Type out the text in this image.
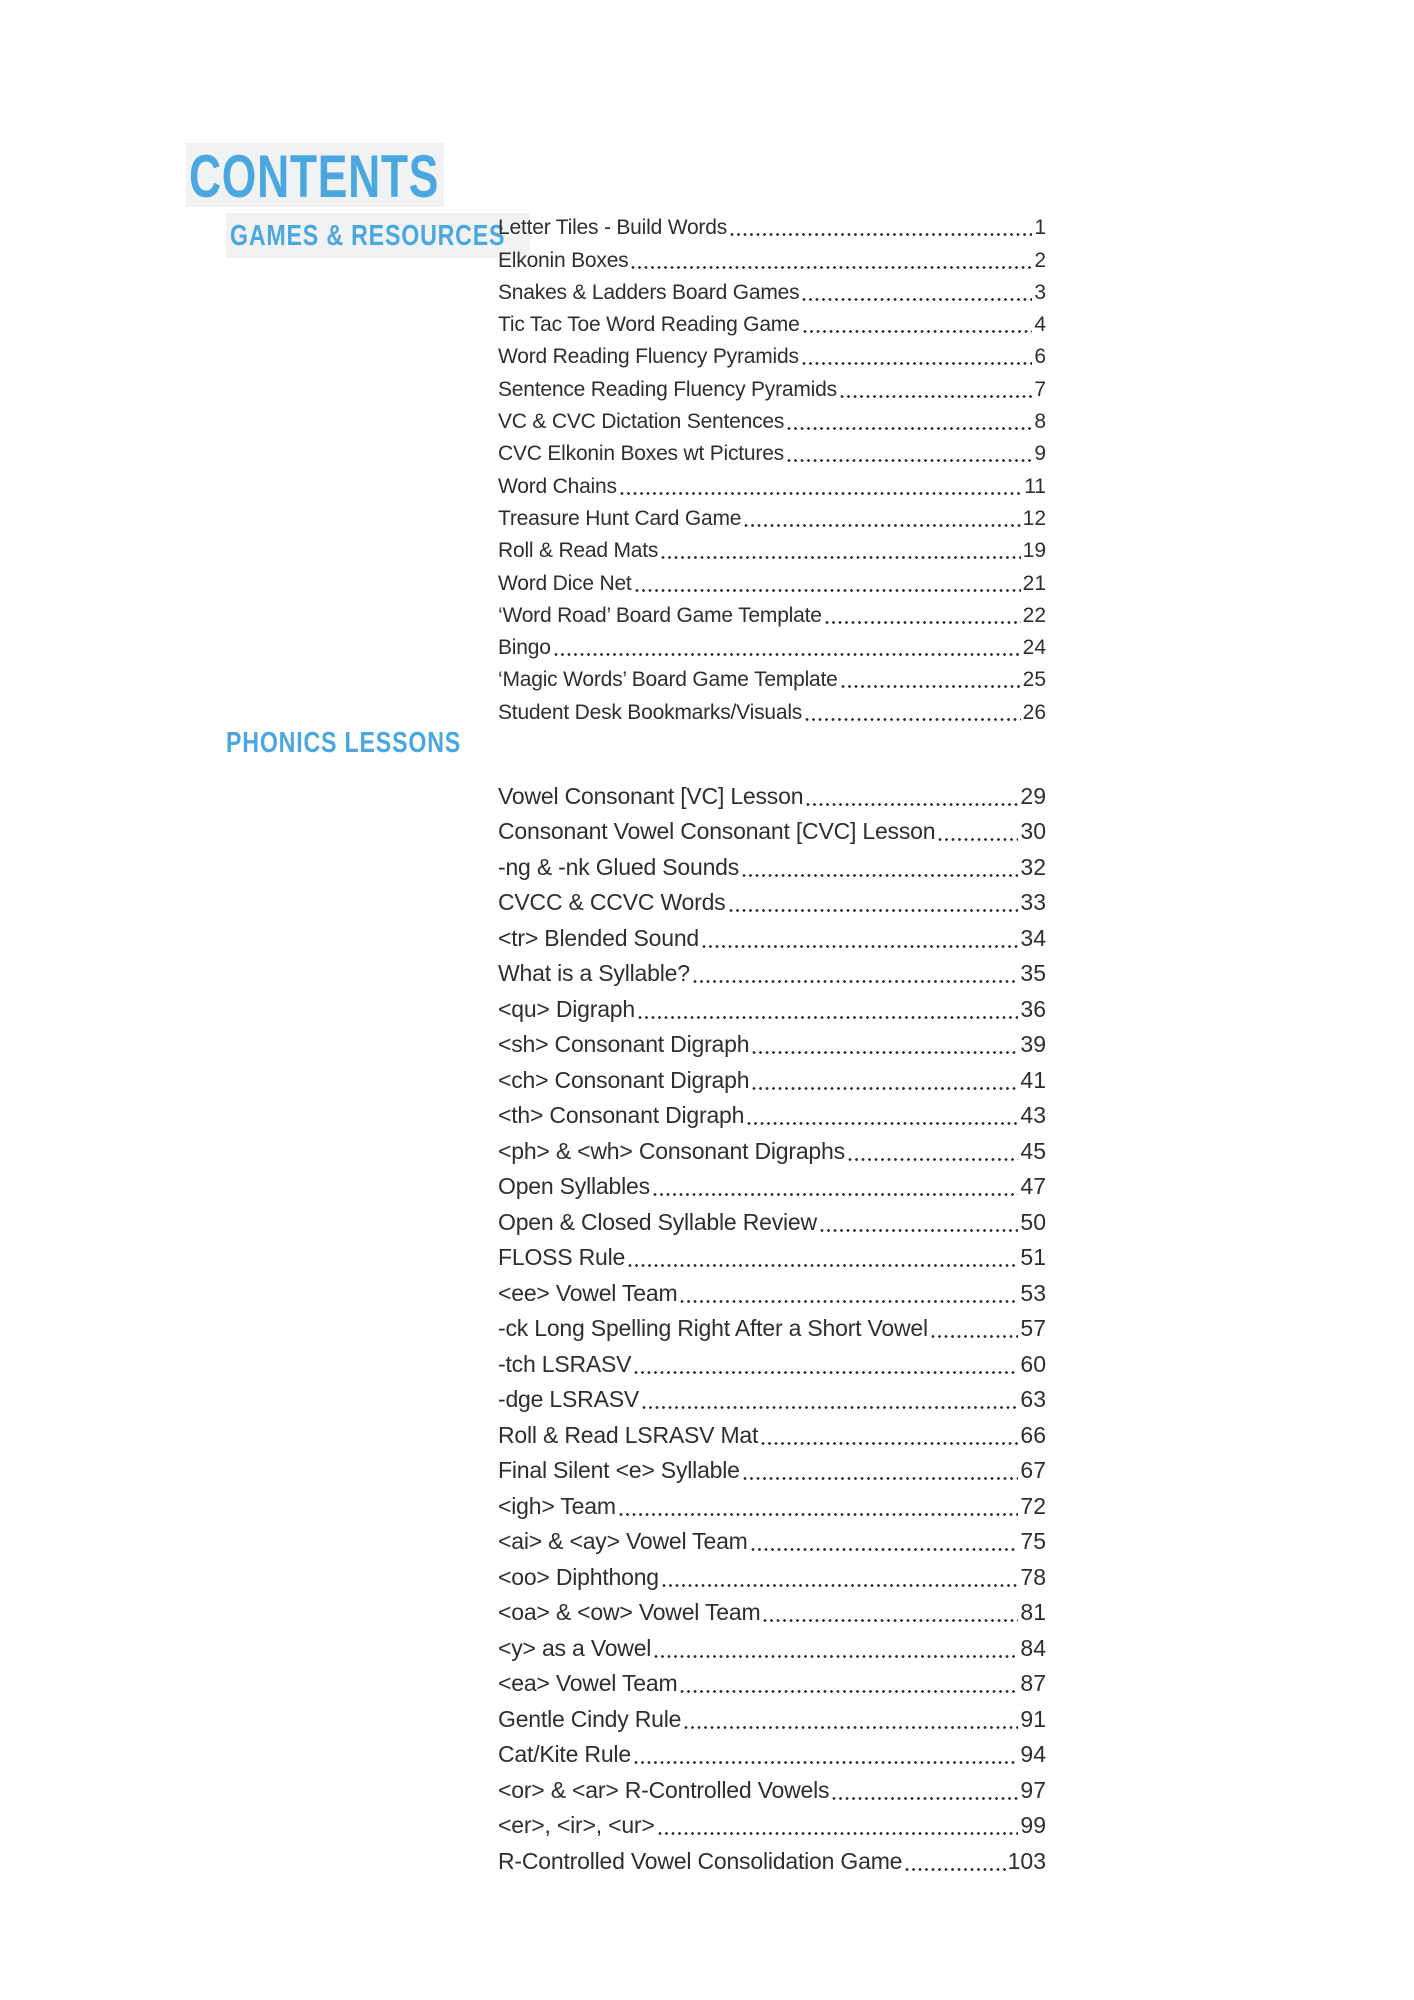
CONTENTS
GAMES & RESOURCES
Letter Tiles - Build Words	1
Elkonin Boxes	2
Snakes & Ladders Board Games	3
Tic Tac Toe Word Reading Game	4
Word Reading Fluency Pyramids	6
Sentence Reading Fluency Pyramids	7
VC & CVC Dictation Sentences	8
CVC Elkonin Boxes wt Pictures	9
Word Chains	11
Treasure Hunt Card Game	12
Roll & Read Mats	19
Word Dice Net	21
‘Word Road’ Board Game Template	22
Bingo	24
‘Magic Words’ Board Game Template	25
Student Desk Bookmarks/Visuals	26
PHONICS LESSONS
Vowel Consonant [VC] Lesson	29
Consonant Vowel Consonant [CVC] Lesson	30
-ng & -nk Glued Sounds	32
CVCC & CCVC Words	33
<tr> Blended Sound	34
What is a Syllable?	35
<qu> Digraph	36
<sh> Consonant Digraph	39
<ch> Consonant Digraph	41
<th> Consonant Digraph	43
<ph> & <wh> Consonant Digraphs	45
Open Syllables	47
Open & Closed Syllable Review	50
FLOSS Rule	51
<ee> Vowel Team	53
-ck Long Spelling Right After a Short Vowel	57
-tch LSRASV	60
-dge LSRASV	63
Roll & Read LSRASV Mat	66
Final Silent <e> Syllable	67
<igh> Team	72
<ai> & <ay> Vowel Team	75
<oo> Diphthong	78
<oa> & <ow> Vowel Team	81
<y> as a Vowel	84
<ea> Vowel Team	87
Gentle Cindy Rule	91
Cat/Kite Rule	94
<or> & <ar> R-Controlled Vowels	97
<er>, <ir>, <ur>	99
R-Controlled Vowel Consolidation Game	103
